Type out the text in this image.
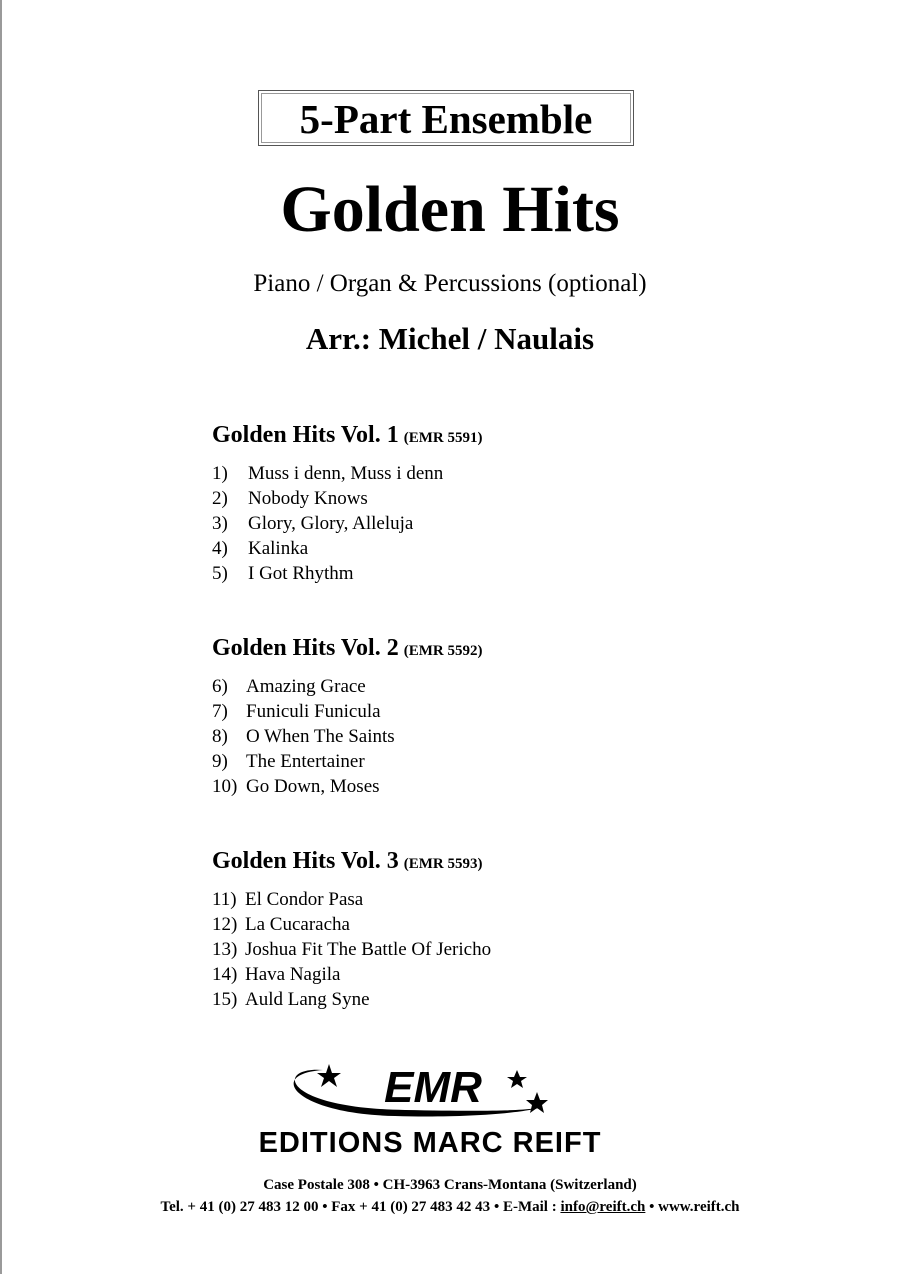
5-Part Ensemble
Golden Hits
Piano / Organ & Percussions (optional)
Arr.: Michel / Naulais
Golden Hits Vol. 1 (EMR 5591)
1) Muss i denn, Muss i denn
2) Nobody Knows
3) Glory, Glory, Alleluja
4) Kalinka
5) I Got Rhythm
Golden Hits Vol. 2 (EMR 5592)
6) Amazing Grace
7) Funiculi Funicula
8) O When The Saints
9) The Entertainer
10) Go Down, Moses
Golden Hits Vol. 3 (EMR 5593)
11) El Condor Pasa
12) La Cucaracha
13) Joshua Fit The Battle Of Jericho
14) Hava Nagila
15) Auld Lang Syne
EMR
EDITIONS MARC REIFT
Case Postale 308 • CH-3963 Crans-Montana (Switzerland)
Tel. + 41 (0) 27 483 12 00 • Fax + 41 (0) 27 483 42 43 • E-Mail : info@reift.ch • www.reift.ch
